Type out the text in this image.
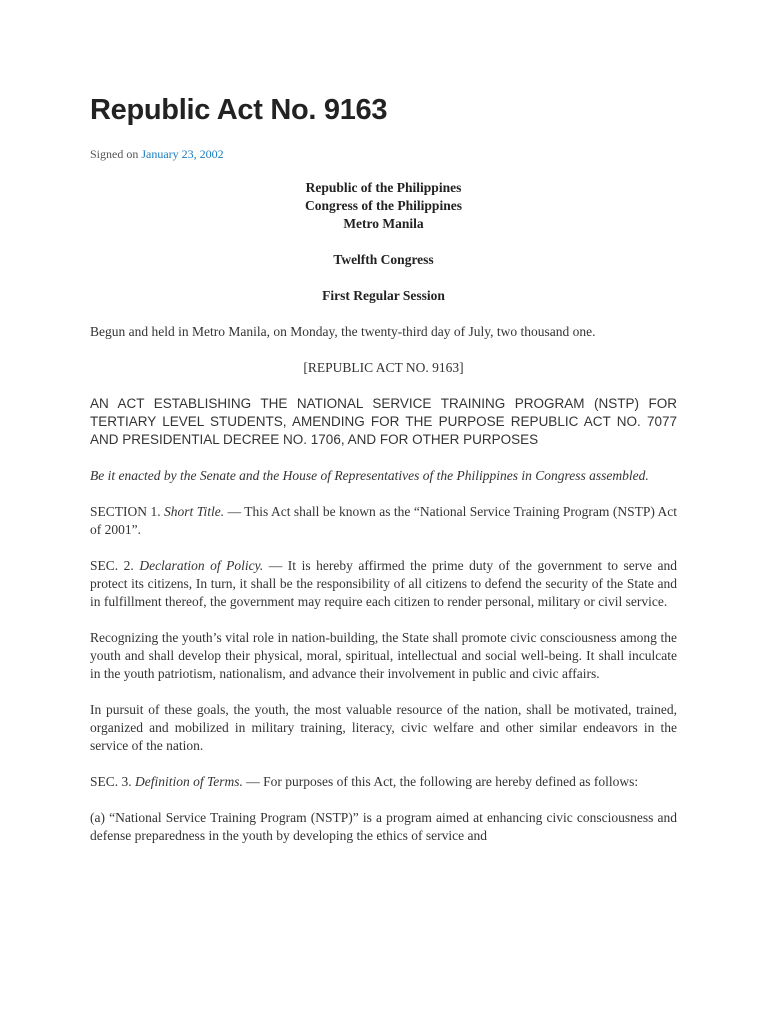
Republic Act No. 9163
Signed on January 23, 2002
Republic of the Philippines
Congress of the Philippines
Metro Manila
Twelfth Congress
First Regular Session

Begun and held in Metro Manila, on Monday, the twenty-third day of July, two thousand one.

[REPUBLIC ACT NO. 9163]

AN ACT ESTABLISHING THE NATIONAL SERVICE TRAINING PROGRAM (NSTP) FOR TERTIARY LEVEL STUDENTS, AMENDING FOR THE PURPOSE REPUBLIC ACT NO. 7077 AND PRESIDENTIAL DECREE NO. 1706, AND FOR OTHER PURPOSES

Be it enacted by the Senate and the House of Representatives of the Philippines in Congress assembled.

SECTION 1. Short Title. — This Act shall be known as the “National Service Training Program (NSTP) Act of 2001”.

SEC. 2. Declaration of Policy. — It is hereby affirmed the prime duty of the government to serve and protect its citizens, In turn, it shall be the responsibility of all citizens to defend the security of the State and in fulfillment thereof, the government may require each citizen to render personal, military or civil service.

Recognizing the youth’s vital role in nation-building, the State shall promote civic consciousness among the youth and shall develop their physical, moral, spiritual, intellectual and social well-being. It shall inculcate in the youth patriotism, nationalism, and advance their involvement in public and civic affairs.

In pursuit of these goals, the youth, the most valuable resource of the nation, shall be motivated, trained, organized and mobilized in military training, literacy, civic welfare and other similar endeavors in the service of the nation.

SEC. 3. Definition of Terms. — For purposes of this Act, the following are hereby defined as follows:

(a) “National Service Training Program (NSTP)” is a program aimed at enhancing civic consciousness and defense preparedness in the youth by developing the ethics of service and
